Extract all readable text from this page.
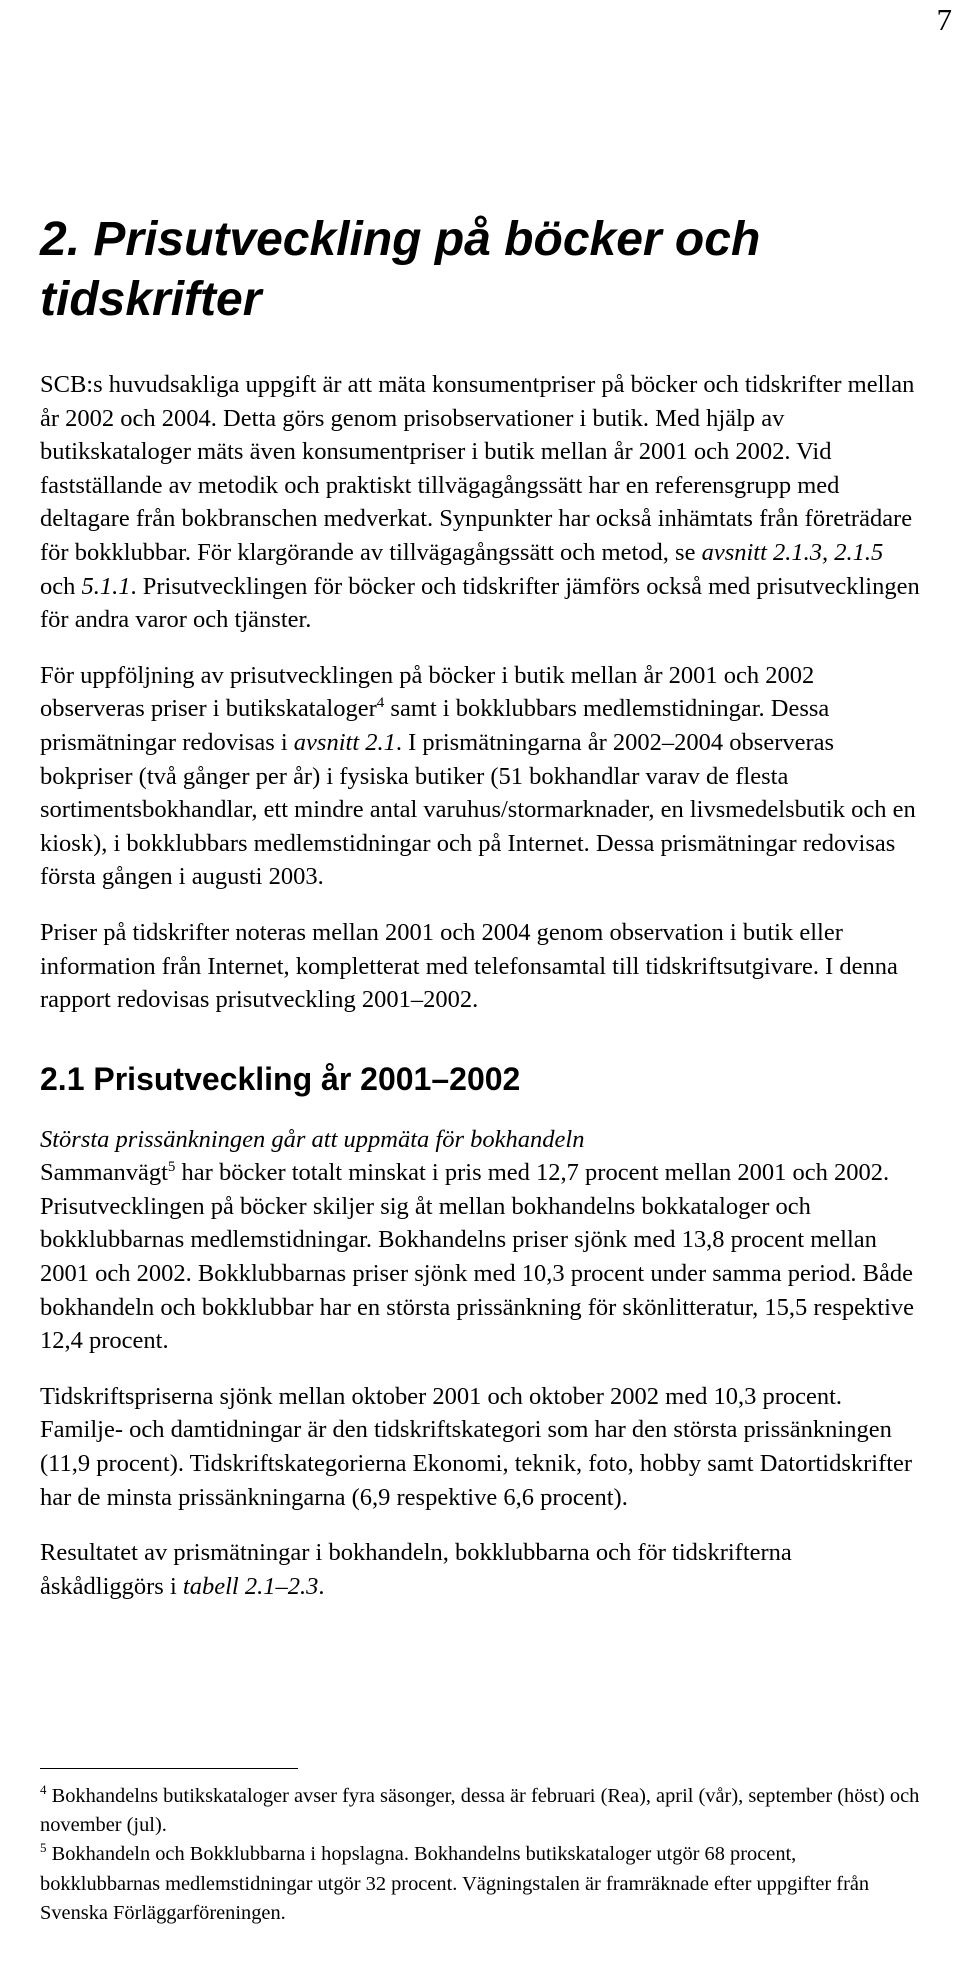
7
2. Prisutveckling på böcker och tidskrifter

SCB:s huvudsakliga uppgift är att mäta konsumentpriser på böcker och tidskrifter mellan år 2002 och 2004. Detta görs genom prisobservationer i butik. Med hjälp av butikskataloger mäts även konsumentpriser i butik mellan år 2001 och 2002. Vid fastställande av metodik och praktiskt tillvägagångssätt har en referensgrupp med deltagare från bokbranschen medverkat. Synpunkter har också inhämtats från företrädare för bokklubbar. För klargörande av tillvägagångssätt och metod, se avsnitt 2.1.3, 2.1.5 och 5.1.1. Prisutvecklingen för böcker och tidskrifter jämförs också med prisutvecklingen för andra varor och tjänster.

För uppföljning av prisutvecklingen på böcker i butik mellan år 2001 och 2002 observeras priser i butikskataloger$^4$ samt i bokklubbars medlemstidningar. Dessa prismätningar redovisas i avsnitt 2.1. I prismätningarna år 2002–2004 observeras bokpriser (två gånger per år) i fysiska butiker (51 bokhandlar varav de flesta sortimentsbokhandlar, ett mindre antal varuhus/stormarknader, en livsmedelsbutik och en kiosk), i bokklubbars medlemstidningar och på Internet. Dessa prismätningar redovisas första gången i augusti 2003.

Priser på tidskrifter noteras mellan 2001 och 2004 genom observation i butik eller information från Internet, kompletterat med telefonsamtal till tidskriftsutgivare. I denna rapport redovisas prisutveckling 2001–2002.

2.1 Prisutveckling år 2001–2002
Största prissänkningen går att uppmäta för bokhandeln

Sammanvägt$^5$ har böcker totalt minskat i pris med 12,7 procent mellan 2001 och 2002. Prisutvecklingen på böcker skiljer sig åt mellan bokhandelns bokkataloger och bokklubbarnas medlemstidningar. Bokhandelns priser sjönk med 13,8 procent mellan 2001 och 2002. Bokklubbarnas priser sjönk med 10,3 procent under samma period. Både bokhandeln och bokklubbar har en största prissänkning för skönlitteratur, 15,5 respektive 12,4 procent.

Tidskriftspriserna sjönk mellan oktober 2001 och oktober 2002 med 10,3 procent. Familje- och damtidningar är den tidskriftskategori som har den största prissänkningen (11,9 procent). Tidskriftskategorierna Ekonomi, teknik, foto, hobby samt Datortidskrifter har de minsta prissänkningarna (6,9 respektive 6,6 procent).

Resultatet av prismätningar i bokhandeln, bokklubbarna och för tidskrifterna åskådliggörs i tabell 2.1–2.3.

$^4$ Bokhandelns butikskataloger avser fyra säsonger, dessa är februari (Rea), april (vår), september (höst) och november (jul).

$^5$ Bokhandeln och Bokklubbarna i hopslagna. Bokhandelns butikskataloger utgör 68 procent, bokklubbarnas medlemstidningar utgör 32 procent. Vägningstalen är framräknade efter uppgifter från Svenska Förläggarföreningen.
